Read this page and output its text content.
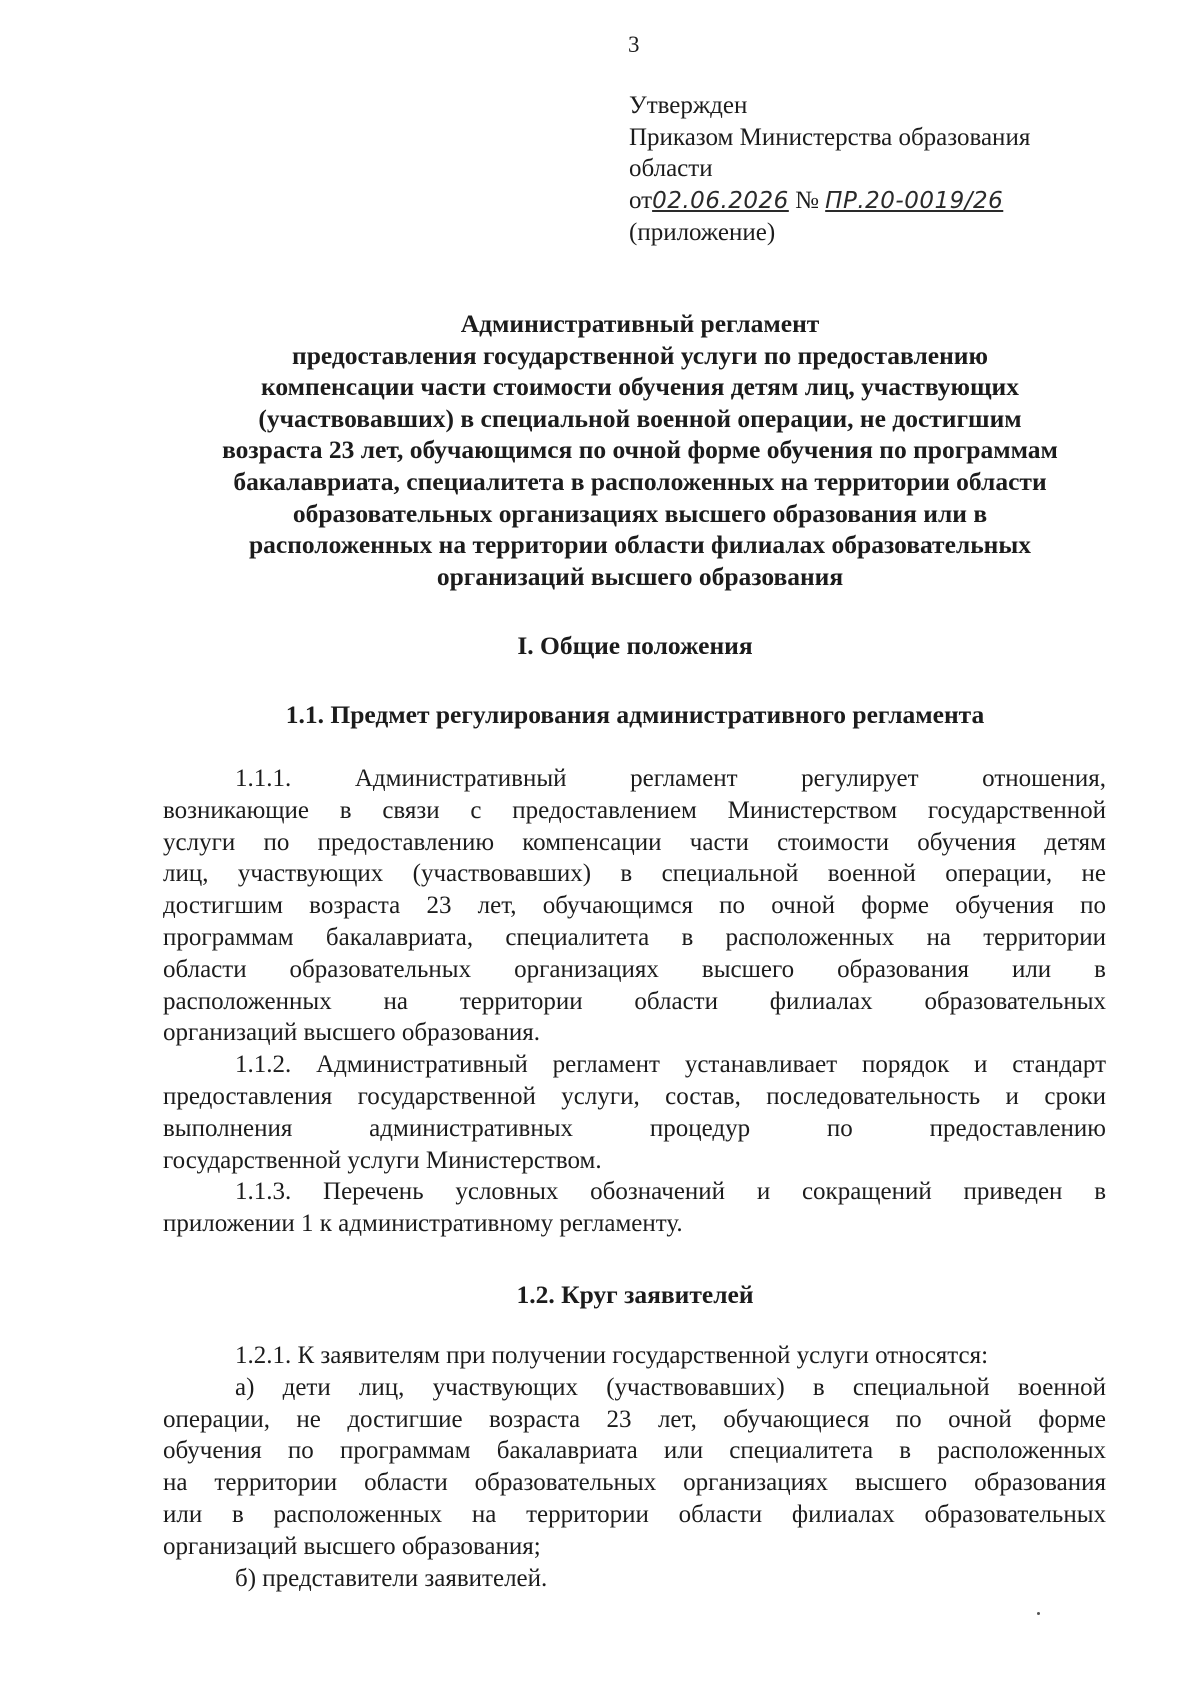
3
Утвержден
Приказом Министерства образования
области
от02.06.2026 № ПР.20-0019/26
(приложение)
Административный регламент
предоставления государственной услуги по предоставлению
компенсации части стоимости обучения детям лиц, участвующих
(участвовавших) в специальной военной операции, не достигшим
возраста 23 лет, обучающимся по очной форме обучения по программам
бакалавриата, специалитета в расположенных на территории области
образовательных организациях высшего образования или в
расположенных на территории области филиалах образовательных
организаций высшего образования
I. Общие положения
1.1. Предмет регулирования административного регламента
1.1.1. Административный регламент регулирует отношения,
возникающие в связи с предоставлением Министерством государственной
услуги по предоставлению компенсации части стоимости обучения детям
лиц, участвующих (участвовавших) в специальной военной операции, не
достигшим возраста 23 лет, обучающимся по очной форме обучения по
программам бакалавриата, специалитета в расположенных на территории
области образовательных организациях высшего образования или в
расположенных на территории области филиалах образовательных
организаций высшего образования.
1.1.2. Административный регламент устанавливает порядок и стандарт
предоставления государственной услуги, состав, последовательность и сроки
выполнения административных процедур по предоставлению
государственной услуги Министерством.
1.1.3. Перечень условных обозначений и сокращений приведен в
приложении 1 к административному регламенту.
1.2. Круг заявителей
1.2.1. К заявителям при получении государственной услуги относятся:
а) дети лиц, участвующих (участвовавших) в специальной военной
операции, не достигшие возраста 23 лет, обучающиеся по очной форме
обучения по программам бакалавриата или специалитета в расположенных
на территории области образовательных организациях высшего образования
или в расположенных на территории области филиалах образовательных
организаций высшего образования;
б) представители заявителей.
